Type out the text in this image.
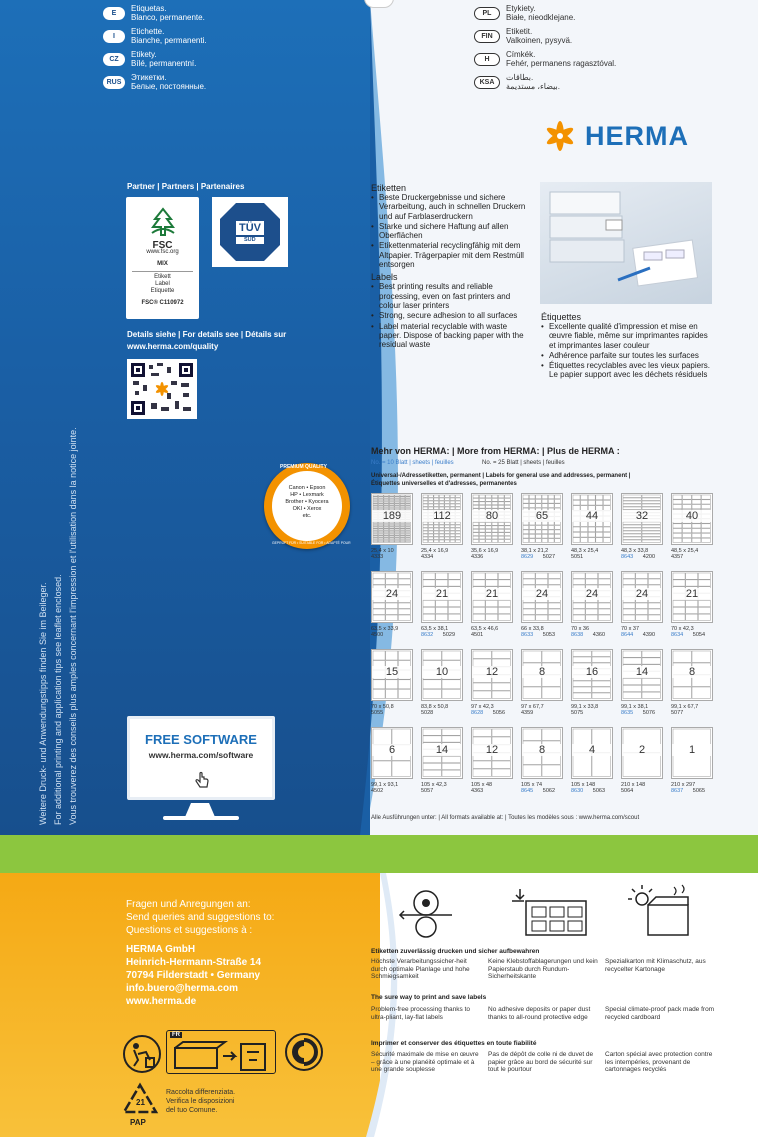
E	Etiquetas.
Blanco, permanente.
I	Etichette.
Bianche, permanenti.
CZ	Etikety.
Bílé, permanentní.
RUS	Этикетки.
Белые, постоянные.
PL	Etykiety.
Białe, nieodklejane.
FIN	Etiketit.
Valkoinen, pysyvä.
H	Címkék.
Fehér, permanens ragasztóval.
KSA	بطاقات.
بيضاء، مستديمة.
HERMA
Partner | Partners | Partenaires
FSC
www.fsc.org
MIX
Etikett
Label
Etiquette
FSC® C110972
TÜV
SÜD
Details siehe | For details see | Détails sur
www.herma.com/quality
Weitere Druck- und Anwendungstipps finden Sie im Beileger. For additional printing and application tips see leaflet enclosed. Vous trouverez des conseils plus amples concernant l'impression et l'utilisation dans la notice jointe.	Canon • Epson
HP • Lexmark
Brother • Kyocera
OKI • Xerox
etc.
PREMIUM QUALITY
GEPRÜFT FÜR • SUITABLE FOR • ADAPTÉ POUR
Etiketten
• Beste Druckergebnisse und sichere Verarbeitung, auch in schnellen Druckern und auf Farblaserdruckern
• Starke und sichere Haftung auf allen Oberflächen
• Etikettenmaterial recyclingfähig mit dem Altpapier. Trägerpapier mit dem Restmüll entsorgen
Labels
• Best printing results and reliable processing, even on fast printers and colour laser printers
• Strong, secure adhesion to all surfaces
• Label material recyclable with waste paper. Dispose of backing paper with the residual waste
Étiquettes
• Excellente qualité d'impression et mise en œuvre fiable, même sur imprimantes rapides et imprimantes laser couleur
• Adhérence parfaite sur toutes les surfaces
• Étiquettes recyclables avec les vieux papiers. Le papier support avec les déchets résiduels
Mehr von HERMA: | More from HERMA: | Plus de HERMA :
No. = 10 Blatt | sheets | feuilles	No. = 25 Blatt | sheets | feuilles
Universal-/Adressetiketten, permanent | Labels for general use and addresses, permanent |
Étiquettes universelles et d'adresses, permanentes
189
25,4 x 10
4333
112
25,4 x 16,9
4334
80
35,6 x 16,9
4336
65
38,1 x 21,2
8629 5027
44
48,3 x 25,4
5051
32
48,3 x 33,8
8643 4200
40
48,5 x 25,4
4357
24
63,5 x 33,9
4500
21
63,5 x 38,1
8632 5029
21
63,5 x 46,6
4501
24
66 x 33,8
8633 5053
24
70 x 36
8638 4360
24
70 x 37
8644 4390
21
70 x 42,3
8634 5054
15
70 x 50,8
5055
10
83,8 x 50,8
5028
12
97 x 42,3
8628 5056
8
97 x 67,7
4359
16
99,1 x 33,8
5075
14
99,1 x 38,1
8635 5076
8
99,1 x 67,7
5077
6
99,1 x 93,1
4502
14
105 x 42,3
5057
12
105 x 48
4363
8
105 x 74
8645 5062
4
105 x 148
8630 5063
2
210 x 148
5064
1
210 x 297
8637 5065
Alle Ausführungen unter: | All formats available at: | Toutes les modèles sous : www.herma.com/scout
FREE SOFTWARE
www.herma.com/software
Fragen und Anregungen an:
Send queries and suggestions to:
Questions et suggestions à :
HERMA GmbH
Heinrich-Hermann-Straße 14
70794 Filderstadt • Germany
info.buero@herma.com
www.herma.de
FR
21
PAP
Raccolta differenziata.
Verifica le disposizioni
del tuo Comune.
Etiketten zuverlässig drucken und sicher aufbewahren
Höchste Verarbeitungssicher-heit durch optimale Planlage und hohe Schmiegsamkeit
Keine Klebstoffablagerungen und kein Papierstaub durch Rundum-Sicherheitskante
Spezialkarton mit Klimaschutz, aus recycelter Kartonage
The sure way to print and save labels
Problem-free processing thanks to ultra-pliant, lay-flat labels
No adhesive deposits or paper dust thanks to all-round protective edge
Special climate-proof pack made from recycled cardboard
Imprimer et conserver des étiquettes en toute fiabilité
Sécurité maximale de mise en œuvre – grâce à une planéité optimale et à une grande souplesse
Pas de dépôt de colle ni de duvet de papier grâce au bord de sécurité sur tout le pourtour
Carton spécial avec protection contre les intempéries, provenant de cartonnages recyclés
